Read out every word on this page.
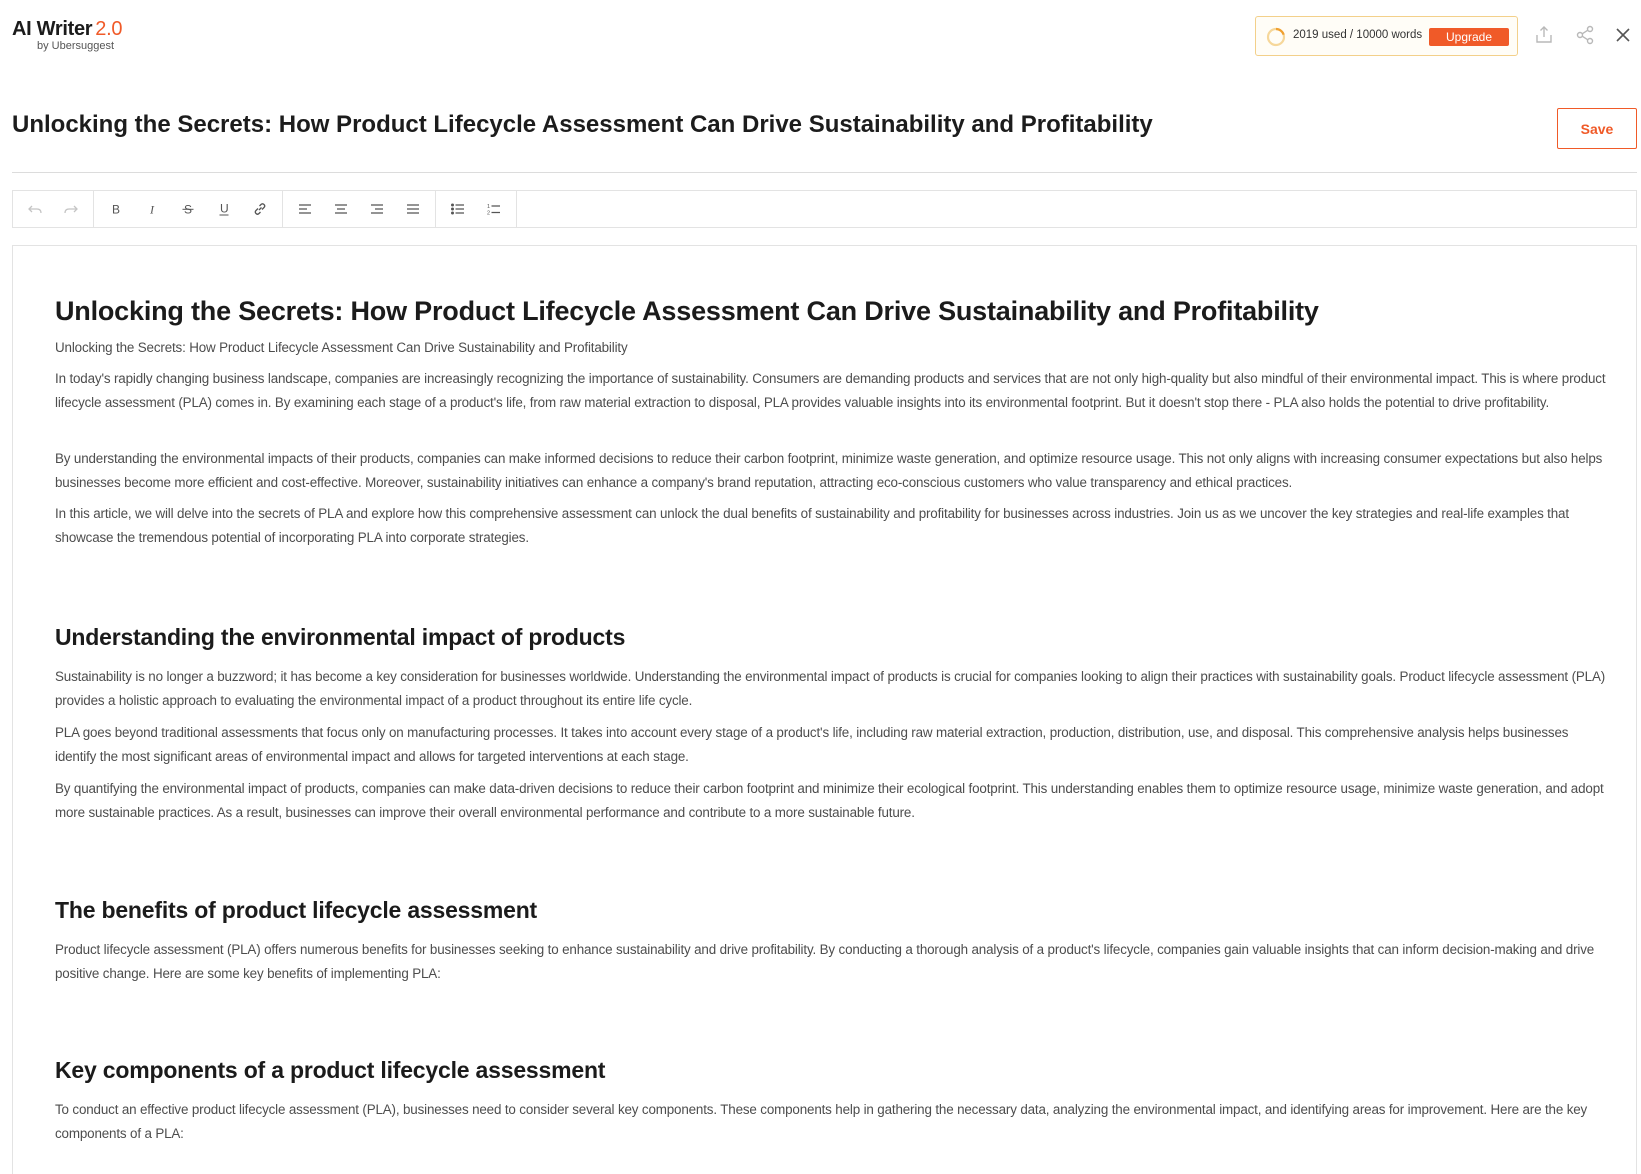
AI Writer 2.0
by Ubersuggest
2019 used / 10000 words	Upgrade
Unlocking the Secrets: How Product Lifecycle Assessment Can Drive Sustainability and Profitability	Save
B I	S U	1
2
Unlocking the Secrets: How Product Lifecycle Assessment Can Drive Sustainability and Profitability
Unlocking the Secrets: How Product Lifecycle Assessment Can Drive Sustainability and Profitability
In today's rapidly changing business landscape, companies are increasingly recognizing the importance of sustainability. Consumers are demanding products and services that are not only high-quality but also mindful of their environmental impact. This is where product lifecycle assessment (PLA) comes in. By examining each stage of a product's life, from raw material extraction to disposal, PLA provides valuable insights into its environmental footprint. But it doesn't stop there - PLA also holds the potential to drive profitability.
By understanding the environmental impacts of their products, companies can make informed decisions to reduce their carbon footprint, minimize waste generation, and optimize resource usage. This not only aligns with increasing consumer expectations but also helps businesses become more efficient and cost-effective. Moreover, sustainability initiatives can enhance a company's brand reputation, attracting eco-conscious customers who value transparency and ethical practices.
In this article, we will delve into the secrets of PLA and explore how this comprehensive assessment can unlock the dual benefits of sustainability and profitability for businesses across industries. Join us as we uncover the key strategies and real-life examples that showcase the tremendous potential of incorporating PLA into corporate strategies.
Understanding the environmental impact of products
Sustainability is no longer a buzzword; it has become a key consideration for businesses worldwide. Understanding the environmental impact of products is crucial for companies looking to align their practices with sustainability goals. Product lifecycle assessment (PLA) provides a holistic approach to evaluating the environmental impact of a product throughout its entire life cycle.
PLA goes beyond traditional assessments that focus only on manufacturing processes. It takes into account every stage of a product's life, including raw material extraction, production, distribution, use, and disposal. This comprehensive analysis helps businesses identify the most significant areas of environmental impact and allows for targeted interventions at each stage.
By quantifying the environmental impact of products, companies can make data-driven decisions to reduce their carbon footprint and minimize their ecological footprint. This understanding enables them to optimize resource usage, minimize waste generation, and adopt more sustainable practices. As a result, businesses can improve their overall environmental performance and contribute to a more sustainable future.
The benefits of product lifecycle assessment
Product lifecycle assessment (PLA) offers numerous benefits for businesses seeking to enhance sustainability and drive profitability. By conducting a thorough analysis of a product's lifecycle, companies gain valuable insights that can inform decision-making and drive positive change. Here are some key benefits of implementing PLA:
Key components of a product lifecycle assessment
To conduct an effective product lifecycle assessment (PLA), businesses need to consider several key components. These components help in gathering the necessary data, analyzing the environmental impact, and identifying areas for improvement. Here are the key components of a PLA:
